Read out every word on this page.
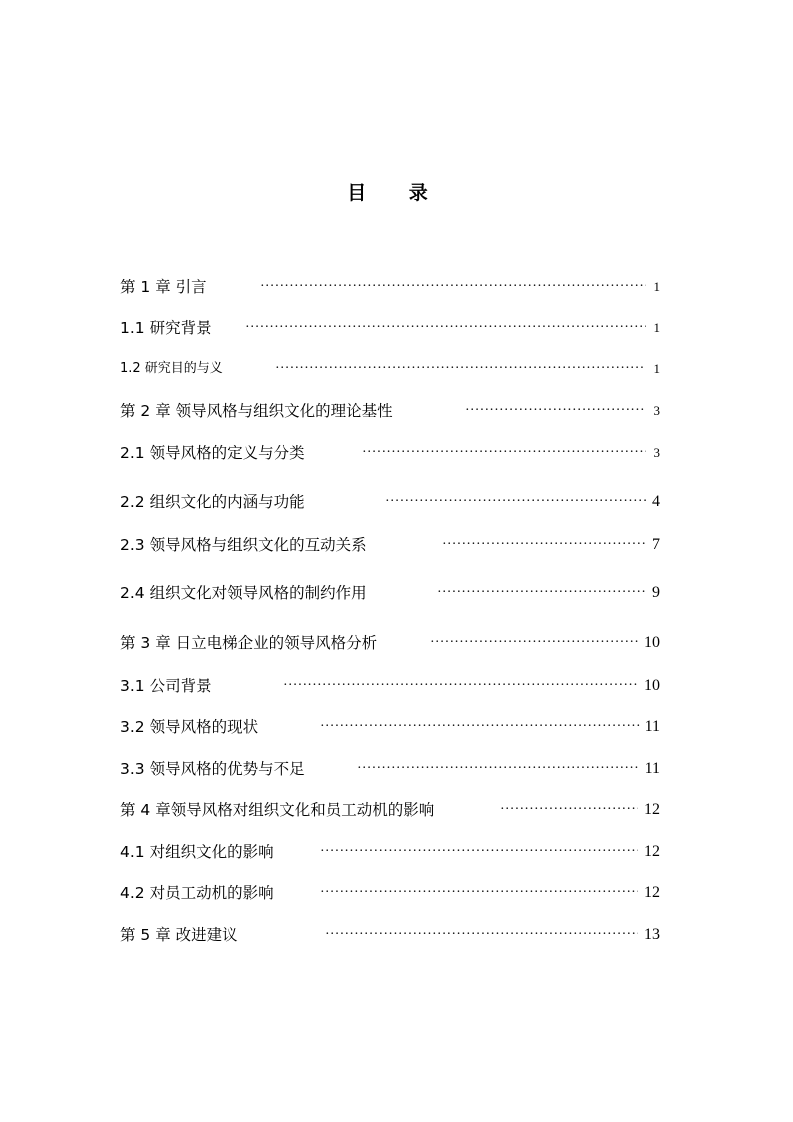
目 录
第 1 章 引言 ·····	1
1.1 研究背景 ·····	1
1.2 研究目的与义 ·····	1
第 2 章 领导风格与组织文化的理论基性 ·····	3
2.1 领导风格的定义与分类 ·····	3
2.2 组织文化的内涵与功能 ·····	4
2.3 领导风格与组织文化的互动关系 ·····	7
2.4 组织文化对领导风格的制约作用 ·····	9
第 3 章 日立电梯企业的领导风格分析 ·····	10
3.1 公司背景 ·····	10
3.2 领导风格的现状 ·····	11
3.3 领导风格的优势与不足 ·····	11
第 4 章领导风格对组织文化和员工动机的影响 ·····	12
4.1 对组织文化的影响 ·····	12
4.2 对员工动机的影响 ·····	12
第 5 章 改进建议 ·····	13
